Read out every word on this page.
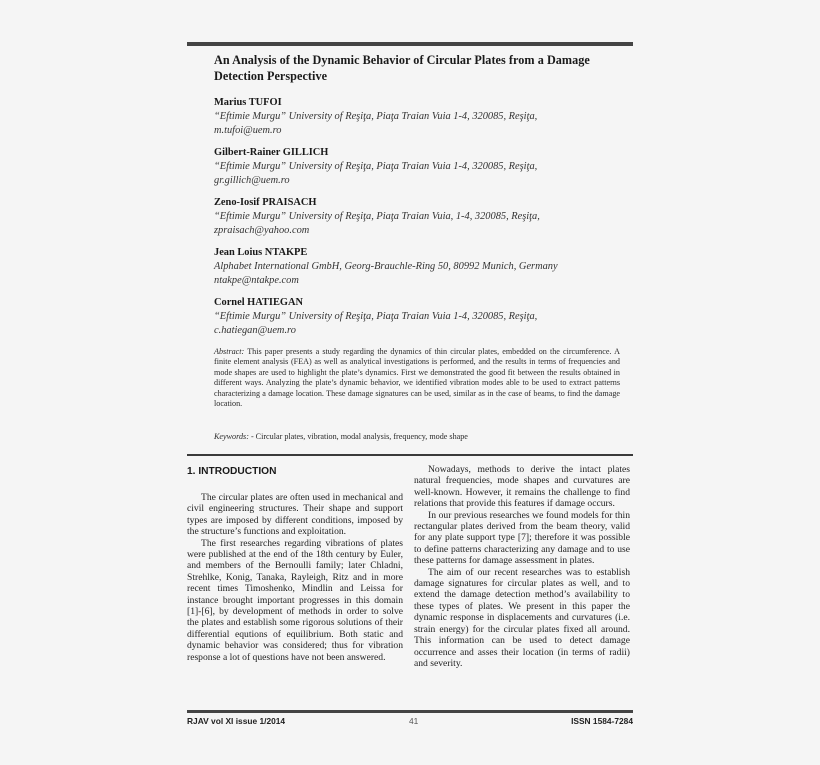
An Analysis of the Dynamic Behavior of Circular Plates from a Damage Detection Perspective
Marius TUFOI
“Eftimie Murgu” University of Reşiţa, Piaţa Traian Vuia 1-4, 320085, Reşiţa,
m.tufoi@uem.ro
Gilbert-Rainer GILLICH
“Eftimie Murgu” University of Reşiţa, Piaţa Traian Vuia 1-4, 320085, Reşiţa,
gr.gillich@uem.ro
Zeno-Iosif PRAISACH
“Eftimie Murgu” University of Reşiţa, Piaţa Traian Vuia, 1-4, 320085, Reşiţa,
zpraisach@yahoo.com
Jean Loius NTAKPE
Alphabet International GmbH, Georg-Brauchle-Ring 50, 80992 Munich, Germany
ntakpe@ntakpe.com
Cornel HATIEGAN
“Eftimie Murgu” University of Reşiţa, Piaţa Traian Vuia 1-4, 320085, Reşiţa,
c.hatiegan@uem.ro
Abstract: This paper presents a study regarding the dynamics of thin circular plates, embedded on the circumference. A finite element analysis (FEA) as well as analytical investigations is performed, and the results in terms of frequencies and mode shapes are used to highlight the plate’s dynamics. First we demonstrated the good fit between the results obtained in different ways. Analyzing the plate’s dynamic behavior, we identified vibration modes able to be used to extract patterns characterizing a damage location. These damage signatures can be used, similar as in the case of beams, to find the damage location.
Keywords: - Circular plates, vibration, modal analysis, frequency, mode shape
1. INTRODUCTION

The circular plates are often used in mechanical and civil engineering structures. Their shape and support types are imposed by different conditions, imposed by the structure’s functions and exploitation.

The first researches regarding vibrations of plates were published at the end of the 18th century by Euler, and members of the Bernoulli family; later Chladni, Strehlke, Konig, Tanaka, Rayleigh, Ritz and in more recent times Timoshenko, Mindlin and Leissa for instance brought important progresses in this domain [1]-[6], by development of methods in order to solve the plates and establish some rigorous solutions of their differential equtions of equilibrium. Both static and dynamic behavior was considered; thus for vibration response a lot of questions have not been answered.

Nowadays, methods to derive the intact plates natural frequencies, mode shapes and curvatures are well-known. However, it remains the challenge to find relations that provide this features if damage occurs.

In our previous researches we found models for thin rectangular plates derived from the beam theory, valid for any plate support type [7]; therefore it was possible to define patterns characterizing any damage and to use these patterns for damage assessment in plates.

The aim of our recent researches was to establish damage signatures for circular plates as well, and to extend the damage detection method’s availability to these types of plates. We present in this paper the dynamic response in displacements and curvatures (i.e. strain energy) for the circular plates fixed all around. This information can be used to detect damage occurrence and asses their location (in terms of radii) and severity.

RJAV vol XI issue 1/2014	41	ISSN 1584-7284
